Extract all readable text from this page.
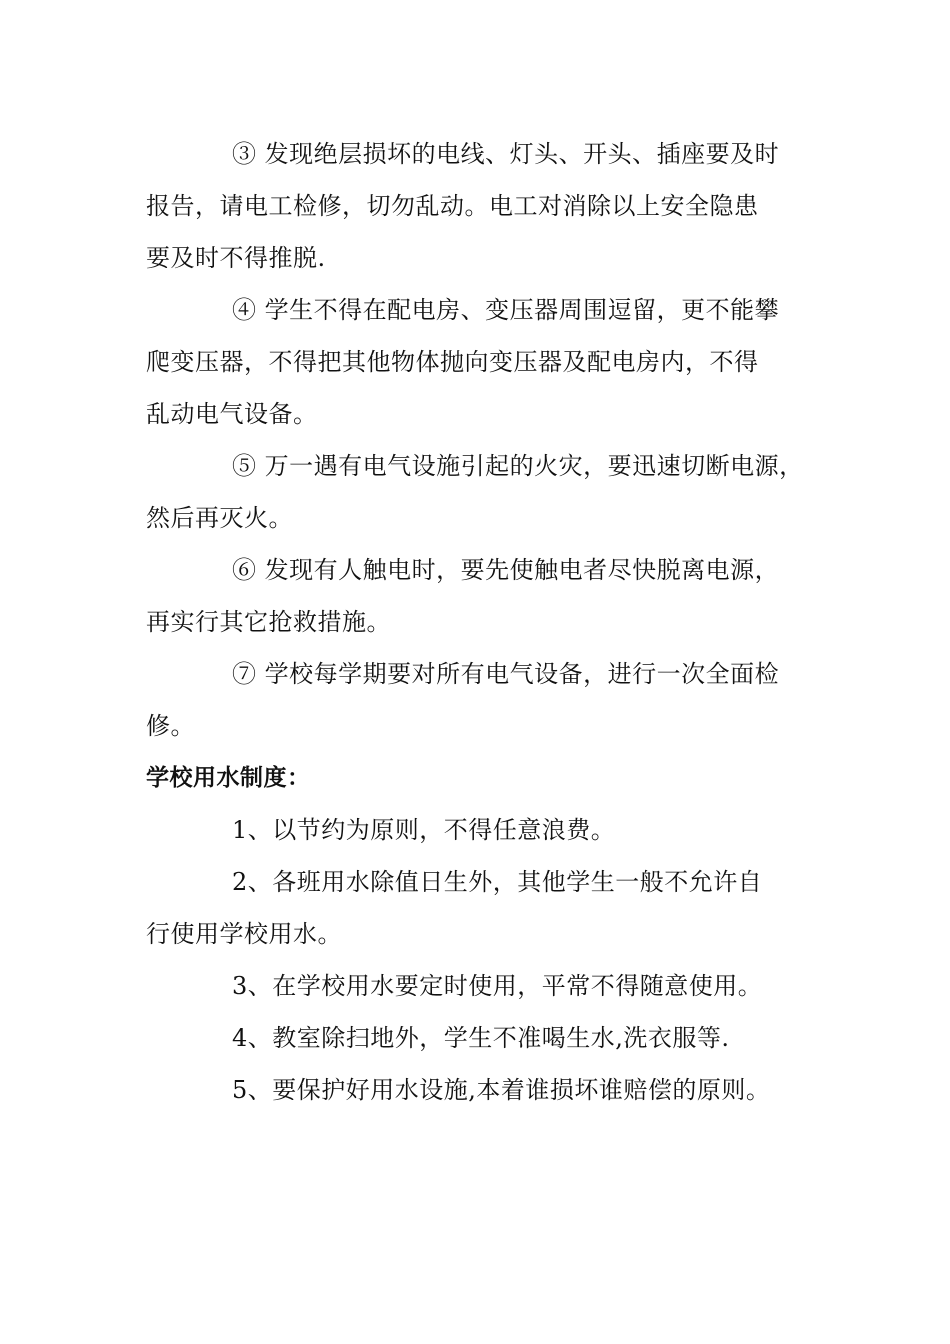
③ 发现绝层损坏的电线、灯头、开头、插座要及时
报告，请电工检修，切勿乱动。电工对消除以上安全隐患
要及时不得推脱.

④ 学生不得在配电房、变压器周围逗留，更不能攀
爬变压器，不得把其他物体抛向变压器及配电房内，不得
乱动电气设备。

⑤ 万一遇有电气设施引起的火灾，要迅速切断电源，
然后再灭火。

⑥ 发现有人触电时，要先使触电者尽快脱离电源，
再实行其它抢救措施。

⑦ 学校每学期要对所有电气设备，进行一次全面检
修。

学校用水制度：

1、以节约为原则，不得任意浪费。

2、各班用水除值日生外，其他学生一般不允许自
行使用学校用水。

3、在学校用水要定时使用，平常不得随意使用。

4、教室除扫地外，学生不准喝生水,洗衣服等.

5、要保护好用水设施,本着谁损坏谁赔偿的原则。
